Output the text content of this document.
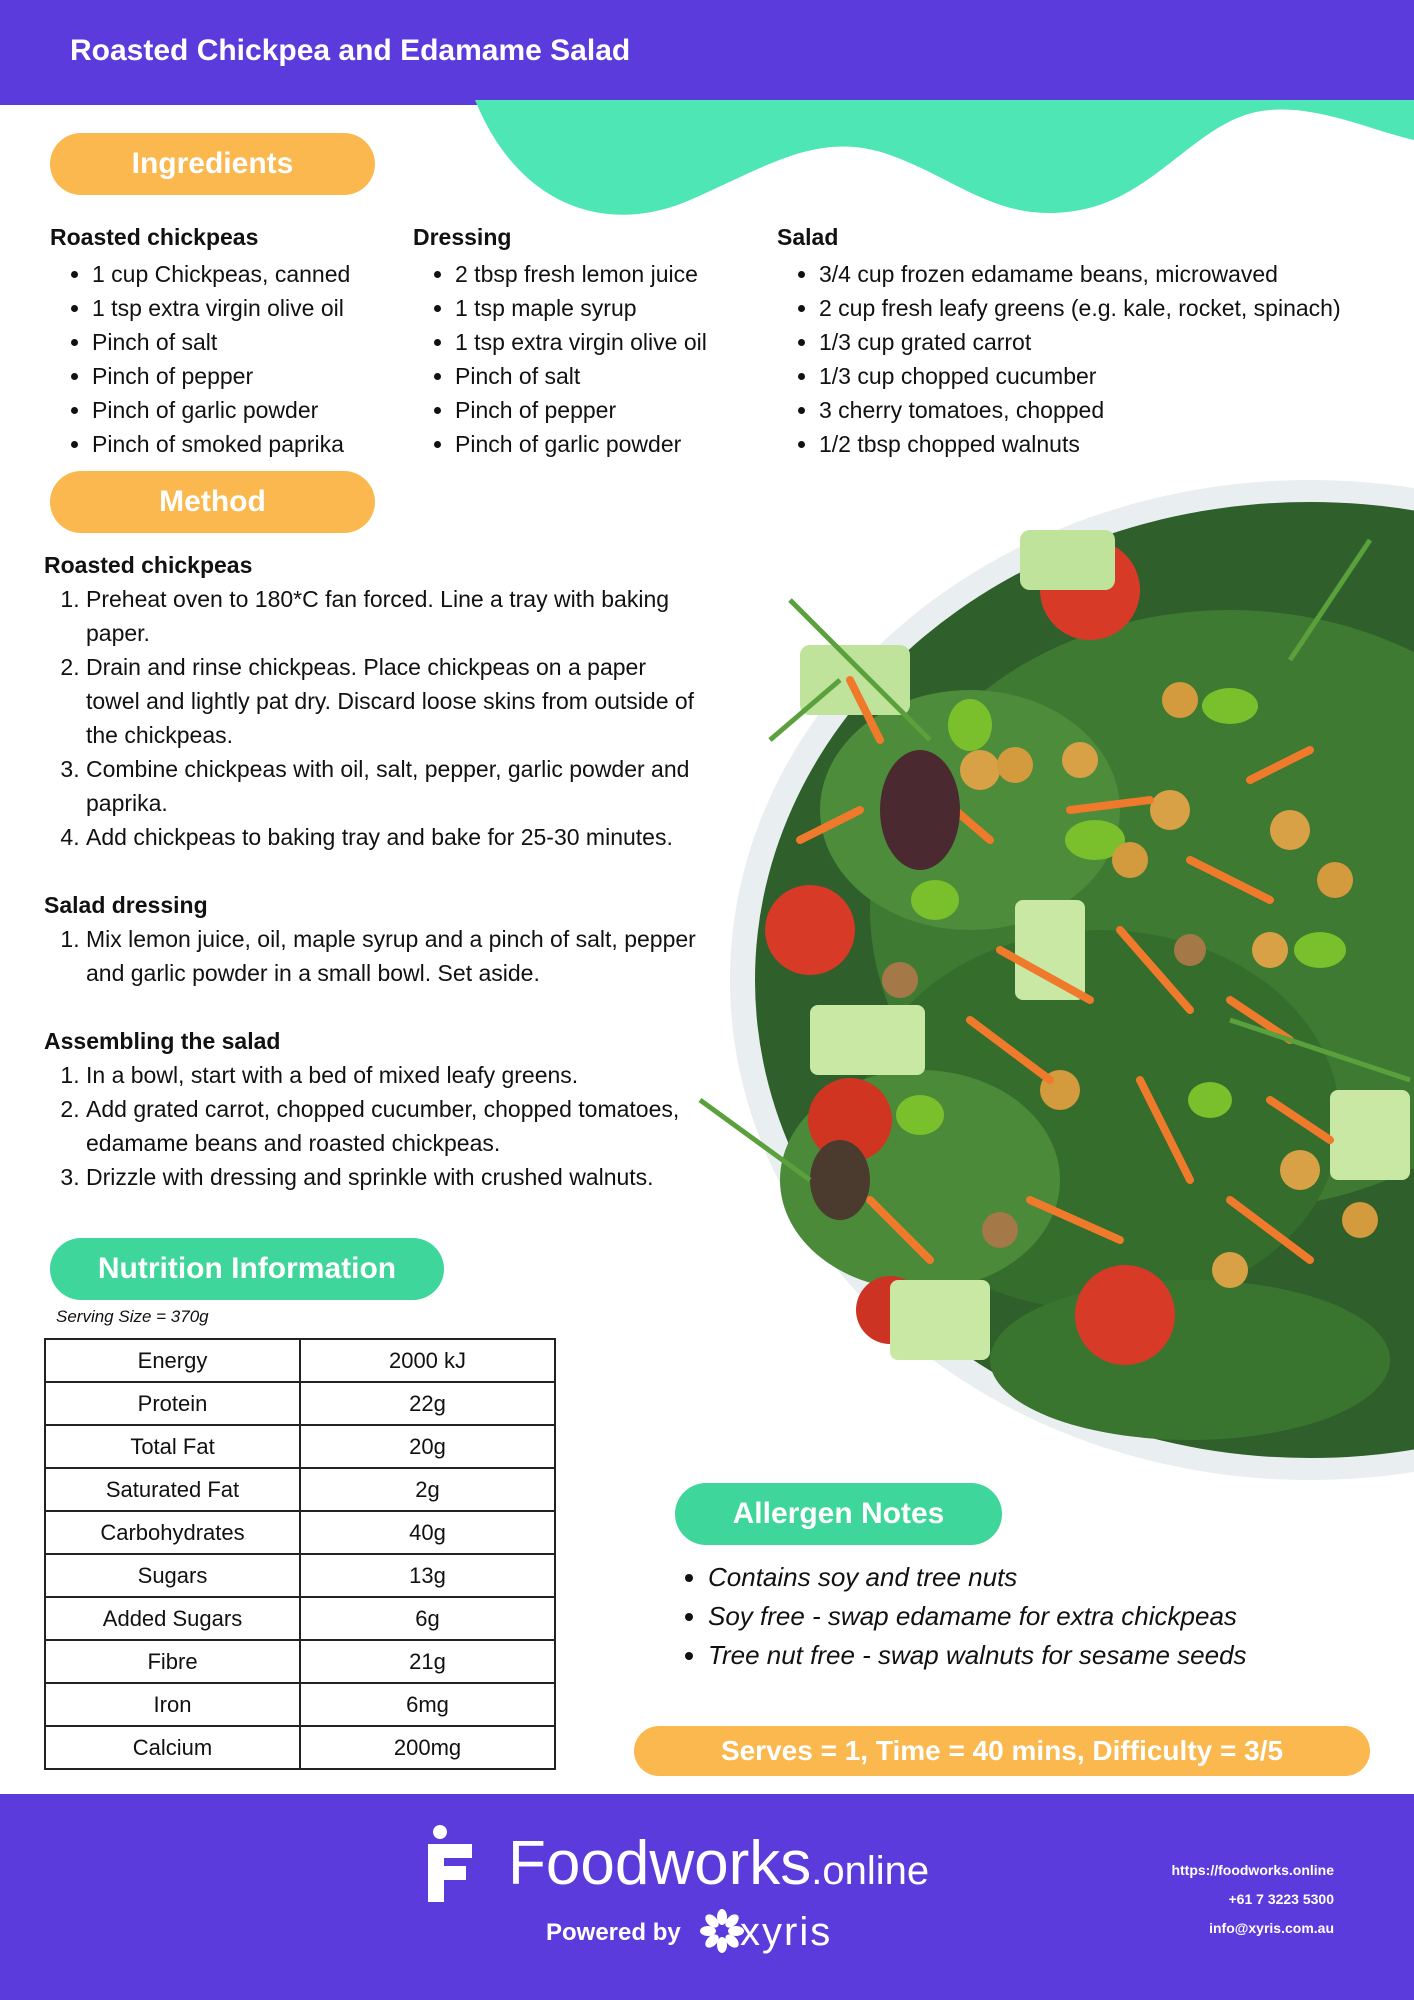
Roasted Chickpea and Edamame Salad
Ingredients
Roasted chickpeas
• 1 cup Chickpeas, canned
• 1 tsp extra virgin olive oil
• Pinch of salt
• Pinch of pepper
• Pinch of garlic powder
• Pinch of smoked paprika
Dressing
• 2 tbsp fresh lemon juice
• 1 tsp maple syrup
• 1 tsp extra virgin olive oil
• Pinch of salt
• Pinch of pepper
• Pinch of garlic powder
Salad
• 3/4 cup frozen edamame beans, microwaved
• 2 cup fresh leafy greens (e.g. kale, rocket, spinach)
• 1/3 cup grated carrot
• 1/3 cup chopped cucumber
• 3 cherry tomatoes, chopped
• 1/2 tbsp chopped walnuts
Method
Roasted chickpeas
1. Preheat oven to 180*C fan forced. Line a tray with baking paper.
2. Drain and rinse chickpeas. Place chickpeas on a paper towel and lightly pat dry. Discard loose skins from outside of the chickpeas.
3. Combine chickpeas with oil, salt, pepper, garlic powder and paprika.
4. Add chickpeas to baking tray and bake for 25-30 minutes.
Salad dressing
1. Mix lemon juice, oil, maple syrup and a pinch of salt, pepper and garlic powder in a small bowl. Set aside.
Assembling the salad
1. In a bowl, start with a bed of mixed leafy greens.
2. Add grated carrot, chopped cucumber, chopped tomatoes, edamame beans and roasted chickpeas.
3. Drizzle with dressing and sprinkle with crushed walnuts.
Nutrition Information
Serving Size = 370g
Energy	2000 kJ
Protein	22g
Total Fat	20g
Saturated Fat	2g
Carbohydrates	40g
Sugars	13g
Added Sugars	6g
Fibre	21g
Iron	6mg
Calcium	200mg
Allergen Notes
• Contains soy and tree nuts
• Soy free - swap edamame for extra chickpeas
• Tree nut free - swap walnuts for sesame seeds
Serves = 1, Time = 40 mins, Difficulty = 3/5
Foodworks.online
Powered by xyris
https://foodworks.online
+61 7 3223 5300
info@xyris.com.au
